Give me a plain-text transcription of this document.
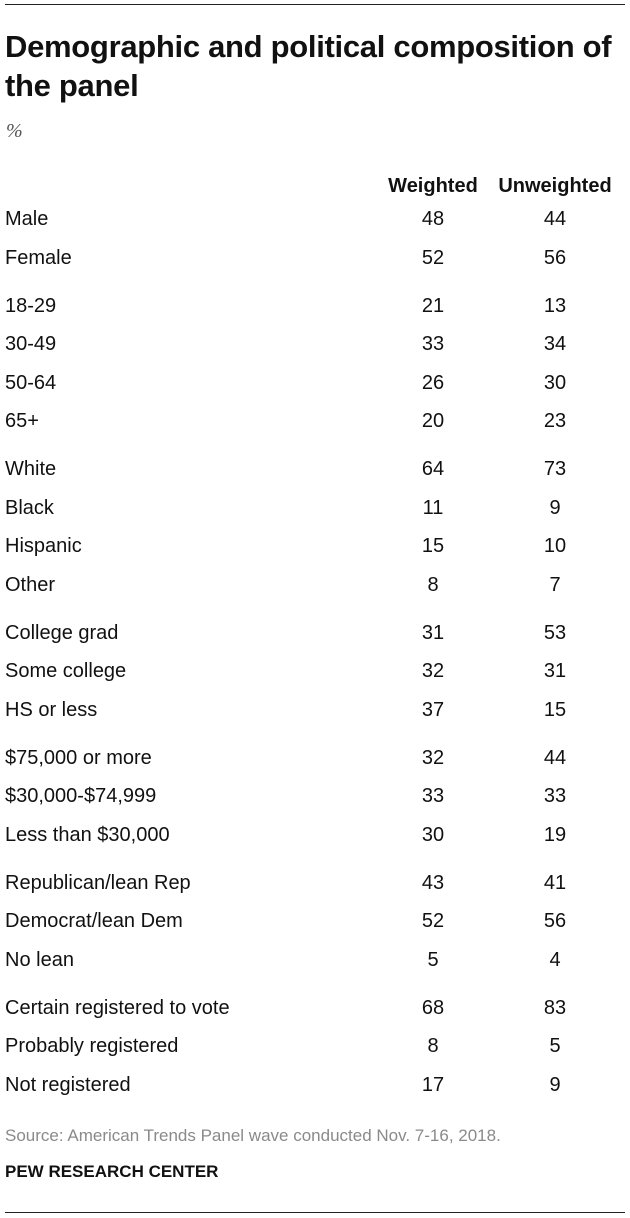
Demographic and political composition of the panel
%
Weighted	Unweighted
Male	48	44
Female	52	56
18-29	21	13
30-49	33	34
50-64	26	30
65+	20	23
White	64	73
Black	11	9
Hispanic	15	10
Other	8	7
College grad	31	53
Some college	32	31
HS or less	37	15
$75,000 or more	32	44
$30,000-$74,999	33	33
Less than $30,000	30	19
Republican/lean Rep	43	41
Democrat/lean Dem	52	56
No lean	5	4
Certain registered to vote	68	83
Probably registered	8	5
Not registered	17	9
Source: American Trends Panel wave conducted Nov. 7-16, 2018.
PEW RESEARCH CENTER
